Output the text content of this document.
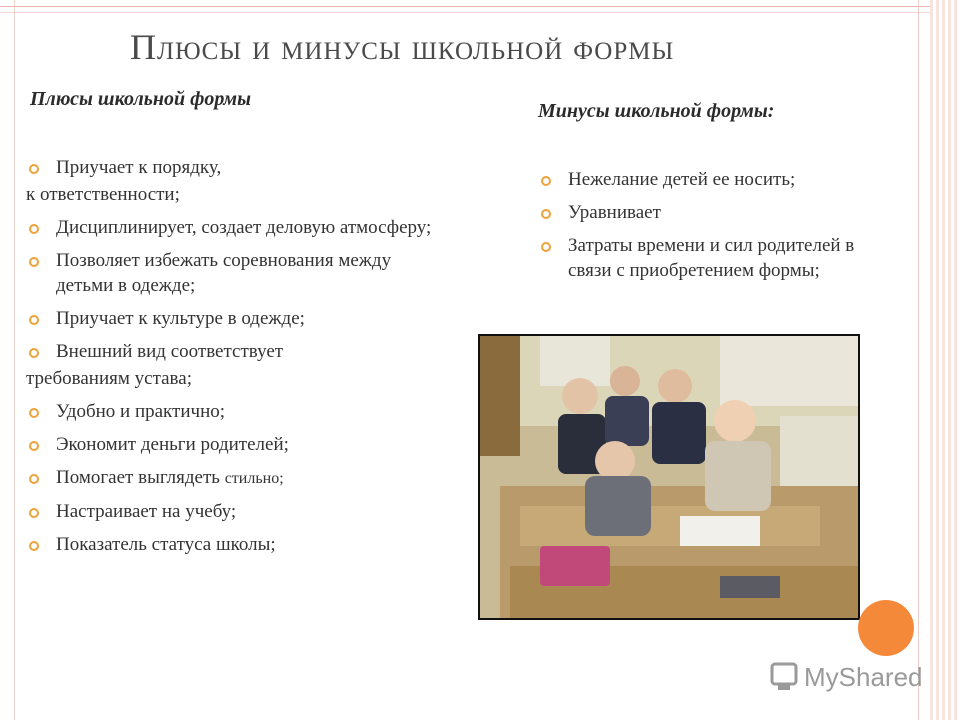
Плюсы и минусы школьной формы
Плюсы школьной формы
Приучает к порядку,
к ответственности;
Дисциплинирует, создает деловую атмосферу;
Позволяет избежать соревнования между детьми в одежде;
Приучает к культуре в одежде;
Внешний вид соответствует
требованиям устава;
Удобно и практично;
Экономит деньги родителей;
Помогает выглядеть стильно;
Настраивает на учебу;
Показатель статуса школы;
Минусы школьной формы:
Нежелание детей ее носить;
Уравнивает
Затраты времени и сил родителей в связи с приобретением формы;
MyShared
